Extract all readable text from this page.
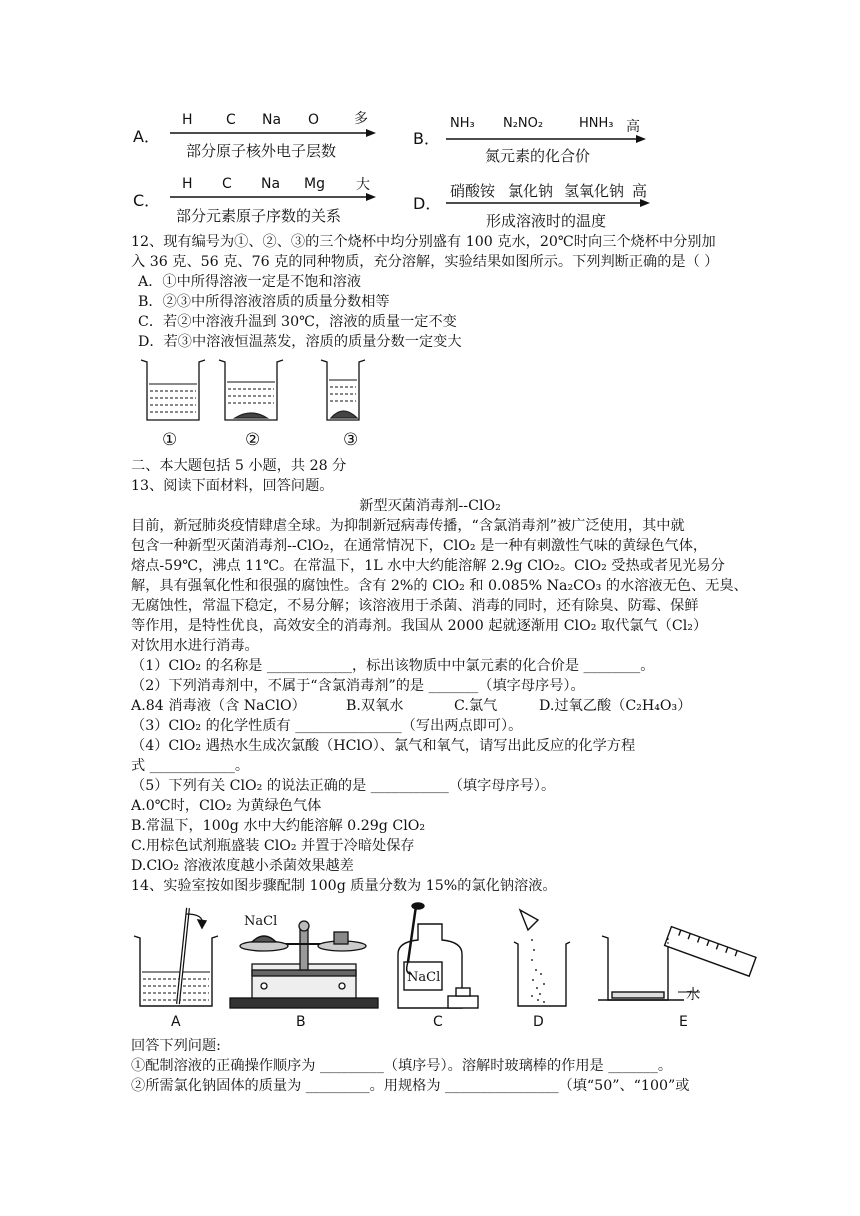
A．
H C Na O 多
部分原子核外电子层数
B．
NH₃ N₂NO₂	HNH₃ 高
氮元素的化合价
C．
H C Na Mg 大
部分元素原子序数的关系
D．
硝酸铵 氯化钠 氢氧化钠 高
形成溶液时的温度
12、现有编号为①、②、③的三个烧杯中均分别盛有 100 克水，20℃时向三个烧杯中分别加
入 36 克、56 克、76 克的同种物质，充分溶解，实验结果如图所示。下列判断正确的是（ ）
A．①中所得溶液一定是不饱和溶液
B．②③中所得溶液溶质的质量分数相等
C．若②中溶液升温到 30℃，溶液的质量一定不变
D．若③中溶液恒温蒸发，溶质的质量分数一定变大
①	②	③
二、本大题包括 5 小题，共 28 分
13、阅读下面材料，回答问题。
新型灭菌消毒剂--ClO₂
目前，新冠肺炎疫情肆虐全球。为抑制新冠病毒传播，“含氯消毒剂”被广泛使用，其中就
包含一种新型灭菌消毒剂--ClO₂，在通常情况下，ClO₂ 是一种有刺激性气味的黄绿色气体，
熔点-59℃，沸点 11℃。在常温下，1L 水中大约能溶解 2.9g ClO₂。ClO₂ 受热或者见光易分
解，具有强氧化性和很强的腐蚀性。含有 2%的 ClO₂ 和 0.085% Na₂CO₃ 的水溶液无色、无臭、
无腐蚀性，常温下稳定，不易分解；该溶液用于杀菌、消毒的同时，还有除臭、防霉、保鲜
等作用，是特性优良，高效安全的消毒剂。我国从 2000 起就逐渐用 ClO₂ 取代氯气（Cl₂）
对饮用水进行消毒。
（1）ClO₂ 的名称是 ____________，标出该物质中中氯元素的化合价是 ________。
（2）下列消毒剂中，不属于“含氯消毒剂”的是 _______（填字母序号）。
A.84 消毒液（含 NaClO）	B.双氧水	C.氯气	D.过氧乙酸（C₂H₄O₃）
（3）ClO₂ 的化学性质有 _______________（写出两点即可）。
（4）ClO₂ 遇热水生成次氯酸（HClO）、氯气和氧气，请写出此反应的化学方程
式 ____________。
（5）下列有关 ClO₂ 的说法正确的是 ___________（填字母序号）。
A.0℃时，ClO₂ 为黄绿色气体
B.常温下，100g 水中大约能溶解 0.29g ClO₂
C.用棕色试剂瓶盛装 ClO₂ 并置于冷暗处保存
D.ClO₂ 溶液浓度越小杀菌效果越差
14、实验室按如图步骤配制 100g 质量分数为 15%的氯化钠溶液。
NaCl
NaCl
水
A	B	C	D	E
回答下列问题:
①配制溶液的正确操作顺序为 _________（填序号）。溶解时玻璃棒的作用是 _______。
②所需氯化钠固体的质量为 _________。用规格为 ________________（填“50”、“100”或
